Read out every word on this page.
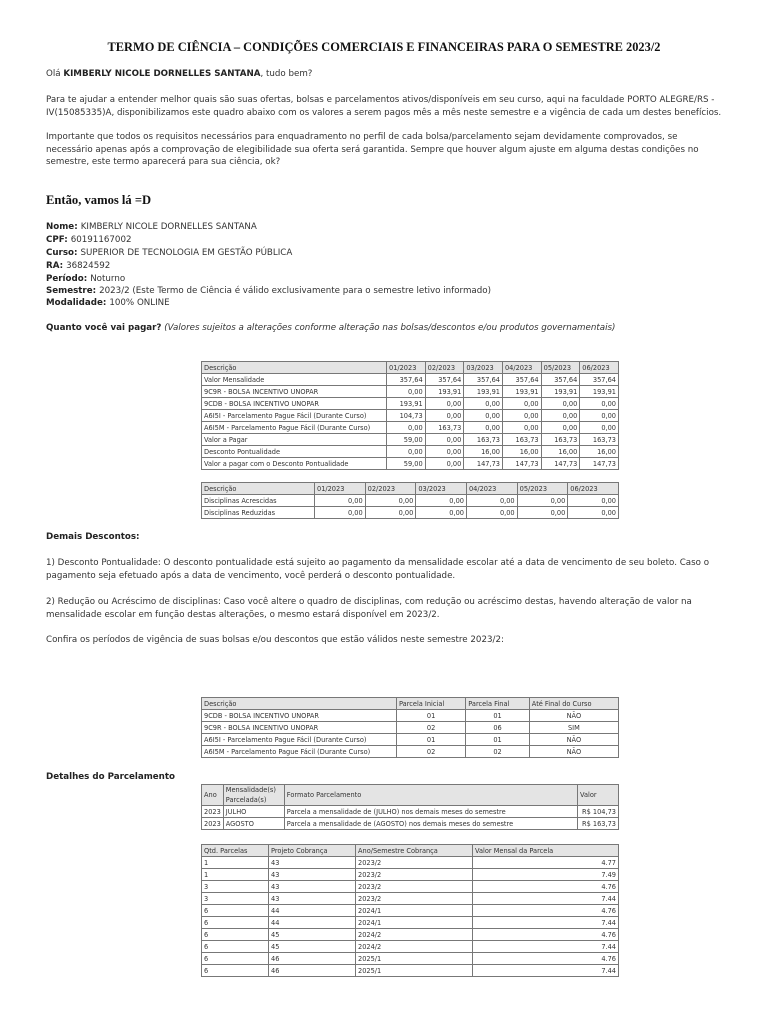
TERMO DE CIÊNCIA – CONDIÇÕES COMERCIAIS E FINANCEIRAS PARA O SEMESTRE 2023/2
Olá KIMBERLY NICOLE DORNELLES SANTANA, tudo bem?
Para te ajudar a entender melhor quais são suas ofertas, bolsas e parcelamentos ativos/disponíveis em seu curso, aqui na faculdade PORTO ALEGRE/RS - IV(15085335)A, disponibilizamos este quadro abaixo com os valores a serem pagos mês a mês neste semestre e a vigência de cada um destes benefícios.
Importante que todos os requisitos necessários para enquadramento no perfil de cada bolsa/parcelamento sejam devidamente comprovados, se necessário apenas após a comprovação de elegibilidade sua oferta será garantida. Sempre que houver algum ajuste em alguma destas condições no semestre, este termo aparecerá para sua ciência, ok?
Então, vamos lá =D
Nome: KIMBERLY NICOLE DORNELLES SANTANA
CPF: 60191167002
Curso: SUPERIOR DE TECNOLOGIA EM GESTÃO PÚBLICA
RA: 36824592
Período: Noturno
Semestre: 2023/2 (Este Termo de Ciência é válido exclusivamente para o semestre letivo informado)
Modalidade: 100% ONLINE
Quanto você vai pagar? (Valores sujeitos a alterações conforme alteração nas bolsas/descontos e/ou produtos governamentais)
Descrição	01/2023	02/2023	03/2023	04/2023	05/2023	06/2023
Valor Mensalidade	357,64	357,64	357,64	357,64	357,64	357,64
9C9R - BOLSA INCENTIVO UNOPAR	0,00	193,91	193,91	193,91	193,91	193,91
9CDB - BOLSA INCENTIVO UNOPAR	193,91	0,00	0,00	0,00	0,00	0,00
A6I5I - Parcelamento Pague Fácil (Durante Curso)	104,73	0,00	0,00	0,00	0,00	0,00
A6I5M - Parcelamento Pague Fácil (Durante Curso)	0,00	163,73	0,00	0,00	0,00	0,00
Valor a Pagar	59,00	0,00	163,73	163,73	163,73	163,73
Desconto Pontualidade	0,00	0,00	16,00	16,00	16,00	16,00
Valor a pagar com o Desconto Pontualidade	59,00	0,00	147,73	147,73	147,73	147,73
Descrição	01/2023	02/2023	03/2023	04/2023	05/2023	06/2023
Disciplinas Acrescidas	0,00	0,00	0,00	0,00	0,00	0,00
Disciplinas Reduzidas	0,00	0,00	0,00	0,00	0,00	0,00
Demais Descontos:
1) Desconto Pontualidade: O desconto pontualidade está sujeito ao pagamento da mensalidade escolar até a data de vencimento de seu boleto. Caso o pagamento seja efetuado após a data de vencimento, você perderá o desconto pontualidade.
2) Redução ou Acréscimo de disciplinas: Caso você altere o quadro de disciplinas, com redução ou acréscimo destas, havendo alteração de valor na mensalidade escolar em função destas alterações, o mesmo estará disponível em 2023/2.
Confira os períodos de vigência de suas bolsas e/ou descontos que estão válidos neste semestre 2023/2:
Descrição	Parcela Inicial	Parcela Final	Até Final do Curso
9CDB - BOLSA INCENTIVO UNOPAR	01	01	NÃO
9C9R - BOLSA INCENTIVO UNOPAR	02	06	SIM
A6I5I - Parcelamento Pague Fácil (Durante Curso)	01	01	NÃO
A6I5M - Parcelamento Pague Fácil (Durante Curso)	02	02	NÃO
Detalhes do Parcelamento
Ano	Mensalidade(s) Parcelada(s)	Formato Parcelamento	Valor
2023	JULHO	Parcela a mensalidade de (JULHO) nos demais meses do semestre	R$ 104,73
2023	AGOSTO	Parcela a mensalidade de (AGOSTO) nos demais meses do semestre	R$ 163,73
Qtd. Parcelas	Projeto Cobrança	Ano/Semestre Cobrança	Valor Mensal da Parcela
1	43	2023/2	4.77
1	43	2023/2	7.49
3	43	2023/2	4.76
3	43	2023/2	7.44
6	44	2024/1	4.76
6	44	2024/1	7.44
6	45	2024/2	4.76
6	45	2024/2	7.44
6	46	2025/1	4.76
6	46	2025/1	7.44
